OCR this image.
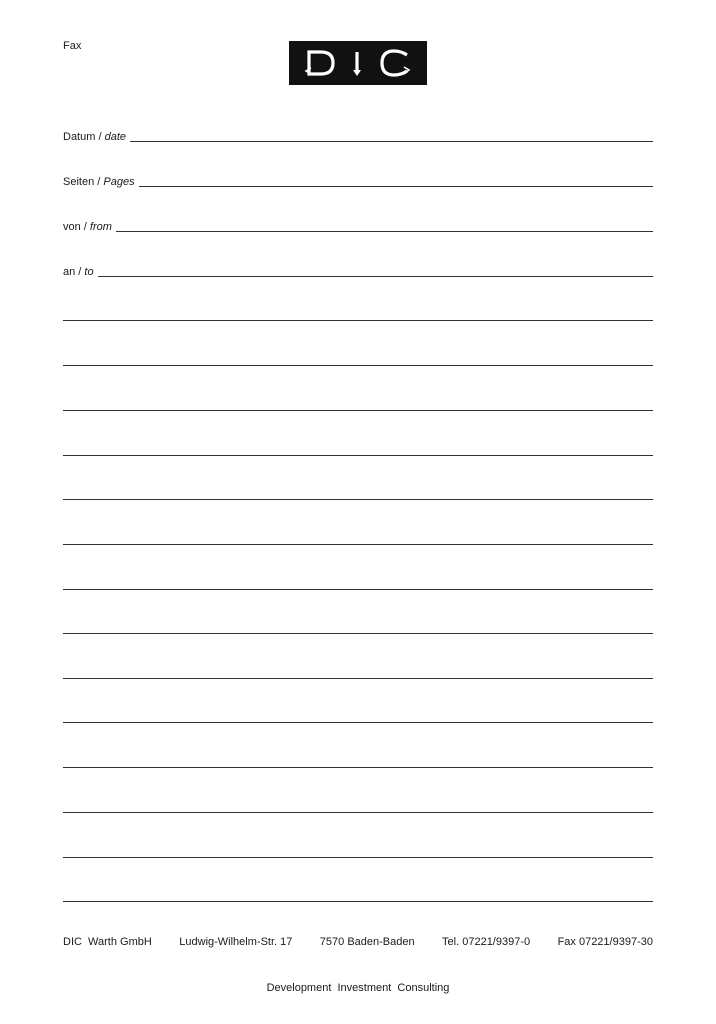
Fax
Datum / date
Seiten / Pages
von / from
an / to
DIC  Warth GmbH Ludwig-Wilhelm-Str. 17 7570 Baden-Baden Tel. 07221/9397-0 Fax 07221/9397-30
Development  Investment  Consulting
